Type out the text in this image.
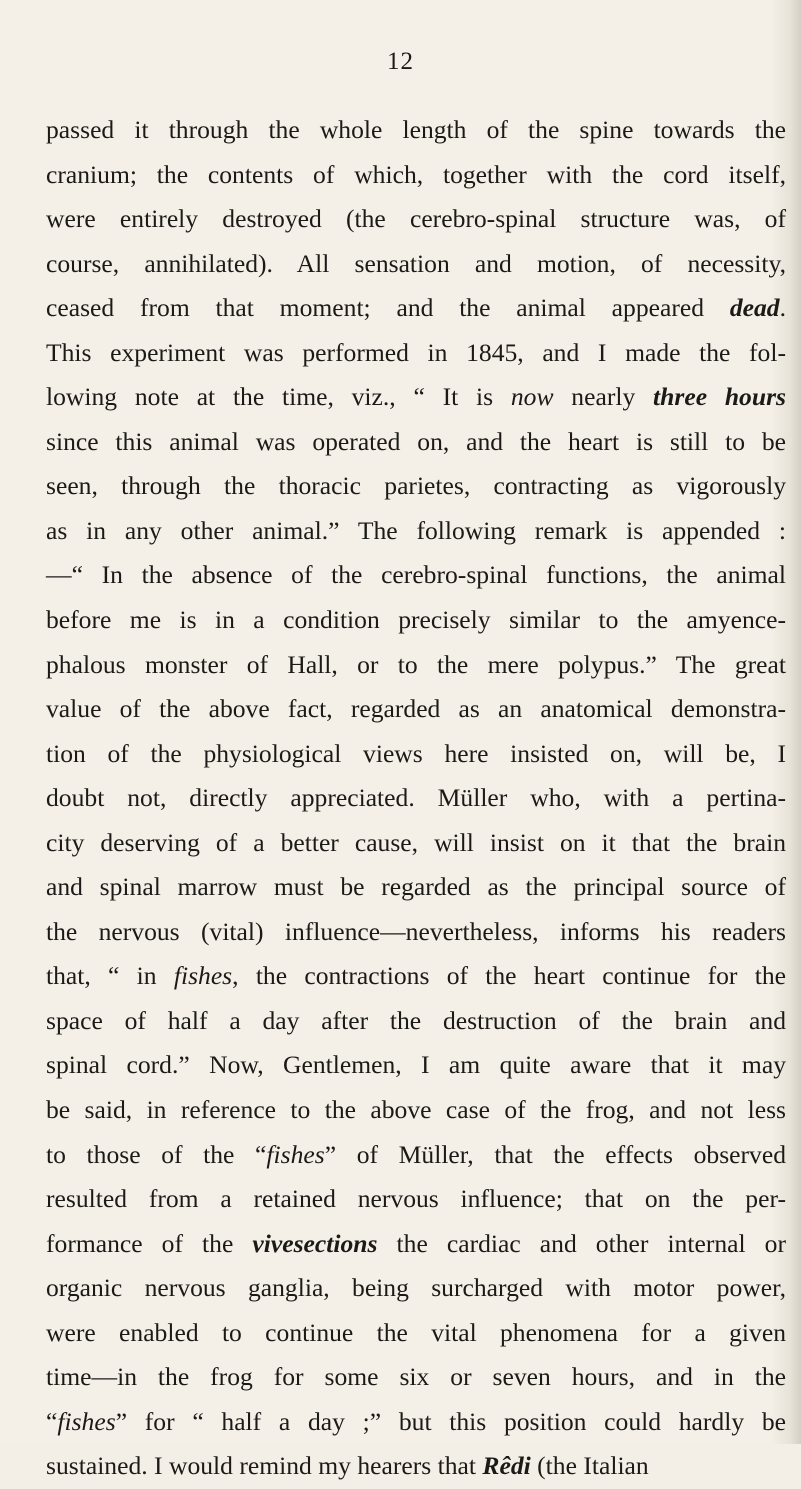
12
passed it through the whole length of the spine towards the
cranium; the contents of which, together with the cord itself,
were entirely destroyed (the cerebro-spinal structure was, of
course, annihilated). All sensation and motion, of necessity,
ceased from that moment; and the animal appeared dead.
This experiment was performed in 1845, and I made the fol-
lowing note at the time, viz., “ It is now nearly three hours
since this animal was operated on, and the heart is still to be
seen, through the thoracic parietes, contracting as vigorously
as in any other animal.” The following remark is appended :
—“ In the absence of the cerebro-spinal functions, the animal
before me is in a condition precisely similar to the amyence-
phalous monster of Hall, or to the mere polypus.” The great
value of the above fact, regarded as an anatomical demonstra-
tion of the physiological views here insisted on, will be, I
doubt not, directly appreciated. Müller who, with a pertina-
city deserving of a better cause, will insist on it that the brain
and spinal marrow must be regarded as the principal source of
the nervous (vital) influence—nevertheless, informs his readers
that, “ in fishes, the contractions of the heart continue for the
space of half a day after the destruction of the brain and
spinal cord.” Now, Gentlemen, I am quite aware that it may
be said, in reference to the above case of the frog, and not less
to those of the “fishes” of Müller, that the effects observed
resulted from a retained nervous influence; that on the per-
formance of the vivesections the cardiac and other internal or
organic nervous ganglia, being surcharged with motor power,
were enabled to continue the vital phenomena for a given
time—in the frog for some six or seven hours, and in the
“fishes” for “ half a day ;” but this position could hardly be
sustained. I would remind my hearers that Rêdi (the Italian
